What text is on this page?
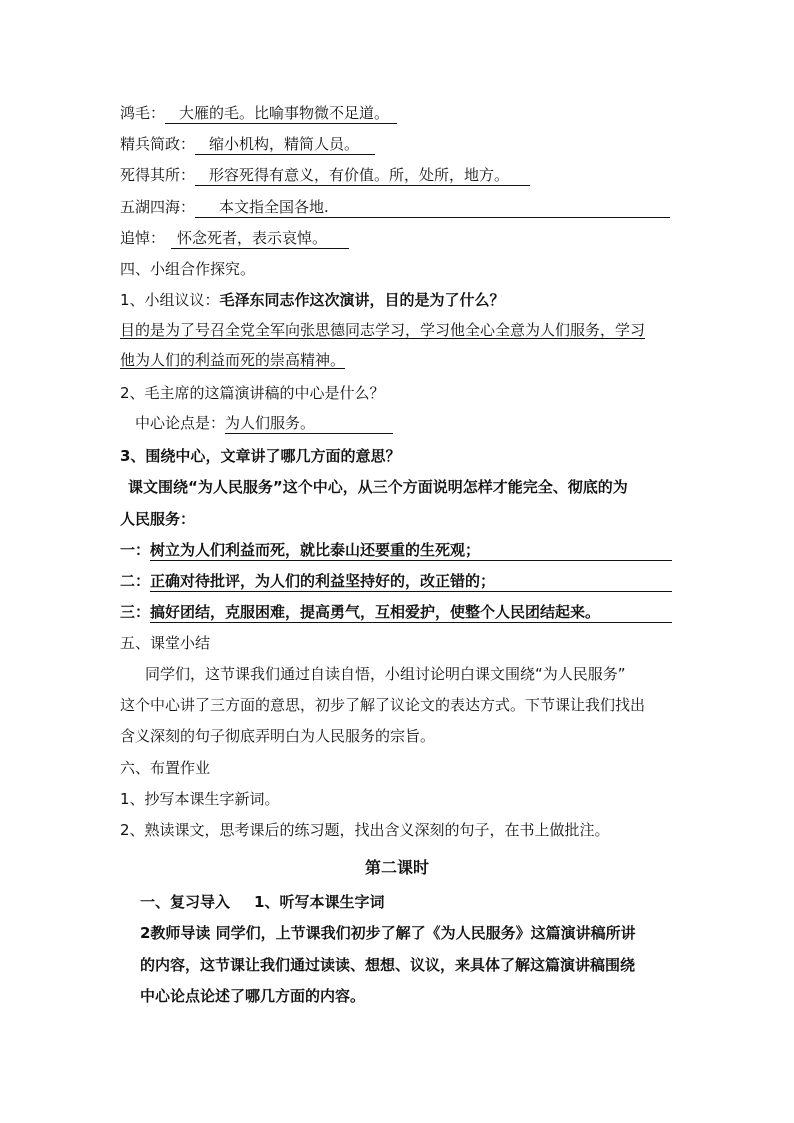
鸿毛： 大雁的毛。比喻事物微不足道。
精兵简政： 缩小机构，精简人员。
死得其所： 形容死得有意义，有价值。所，处所，地方。
五湖四海： 本文指全国各地.
追悼： 怀念死者，表示哀悼。
四、小组合作探究。
1、小组议议：毛泽东同志作这次演讲，目的是为了什么？
目的是为了号召全党全军向张思德同志学习，学习他全心全意为人们服务，学习
他为人们的利益而死的崇高精神。
2、毛主席的这篇演讲稿的中心是什么？
中心论点是：为人们服务。
3、围绕中心，文章讲了哪几方面的意思？
课文围绕“为人民服务”这个中心，从三个方面说明怎样才能完全、彻底的为
人民服务：
一：树立为人们利益而死，就比泰山还要重的生死观；
二：正确对待批评，为人们的利益坚持好的，改正错的；
三：搞好团结，克服困难，提高勇气，互相爱护，使整个人民团结起来。
五、课堂小结
同学们，这节课我们通过自读自悟，小组讨论明白课文围绕“为人民服务”
这个中心讲了三方面的意思，初步了解了议论文的表达方式。下节课让我们找出
含义深刻的句子彻底弄明白为人民服务的宗旨。
六、布置作业
1、抄写本课生字新词。
2、熟读课文，思考课后的练习题，找出含义深刻的句子，在书上做批注。
第二课时
一、复习导入 1、听写本课生字词
2教师导读 同学们，上节课我们初步了解了《为人民服务》这篇演讲稿所讲
的内容，这节课让我们通过读读、想想、议议，来具体了解这篇演讲稿围绕
中心论点论述了哪几方面的内容。
